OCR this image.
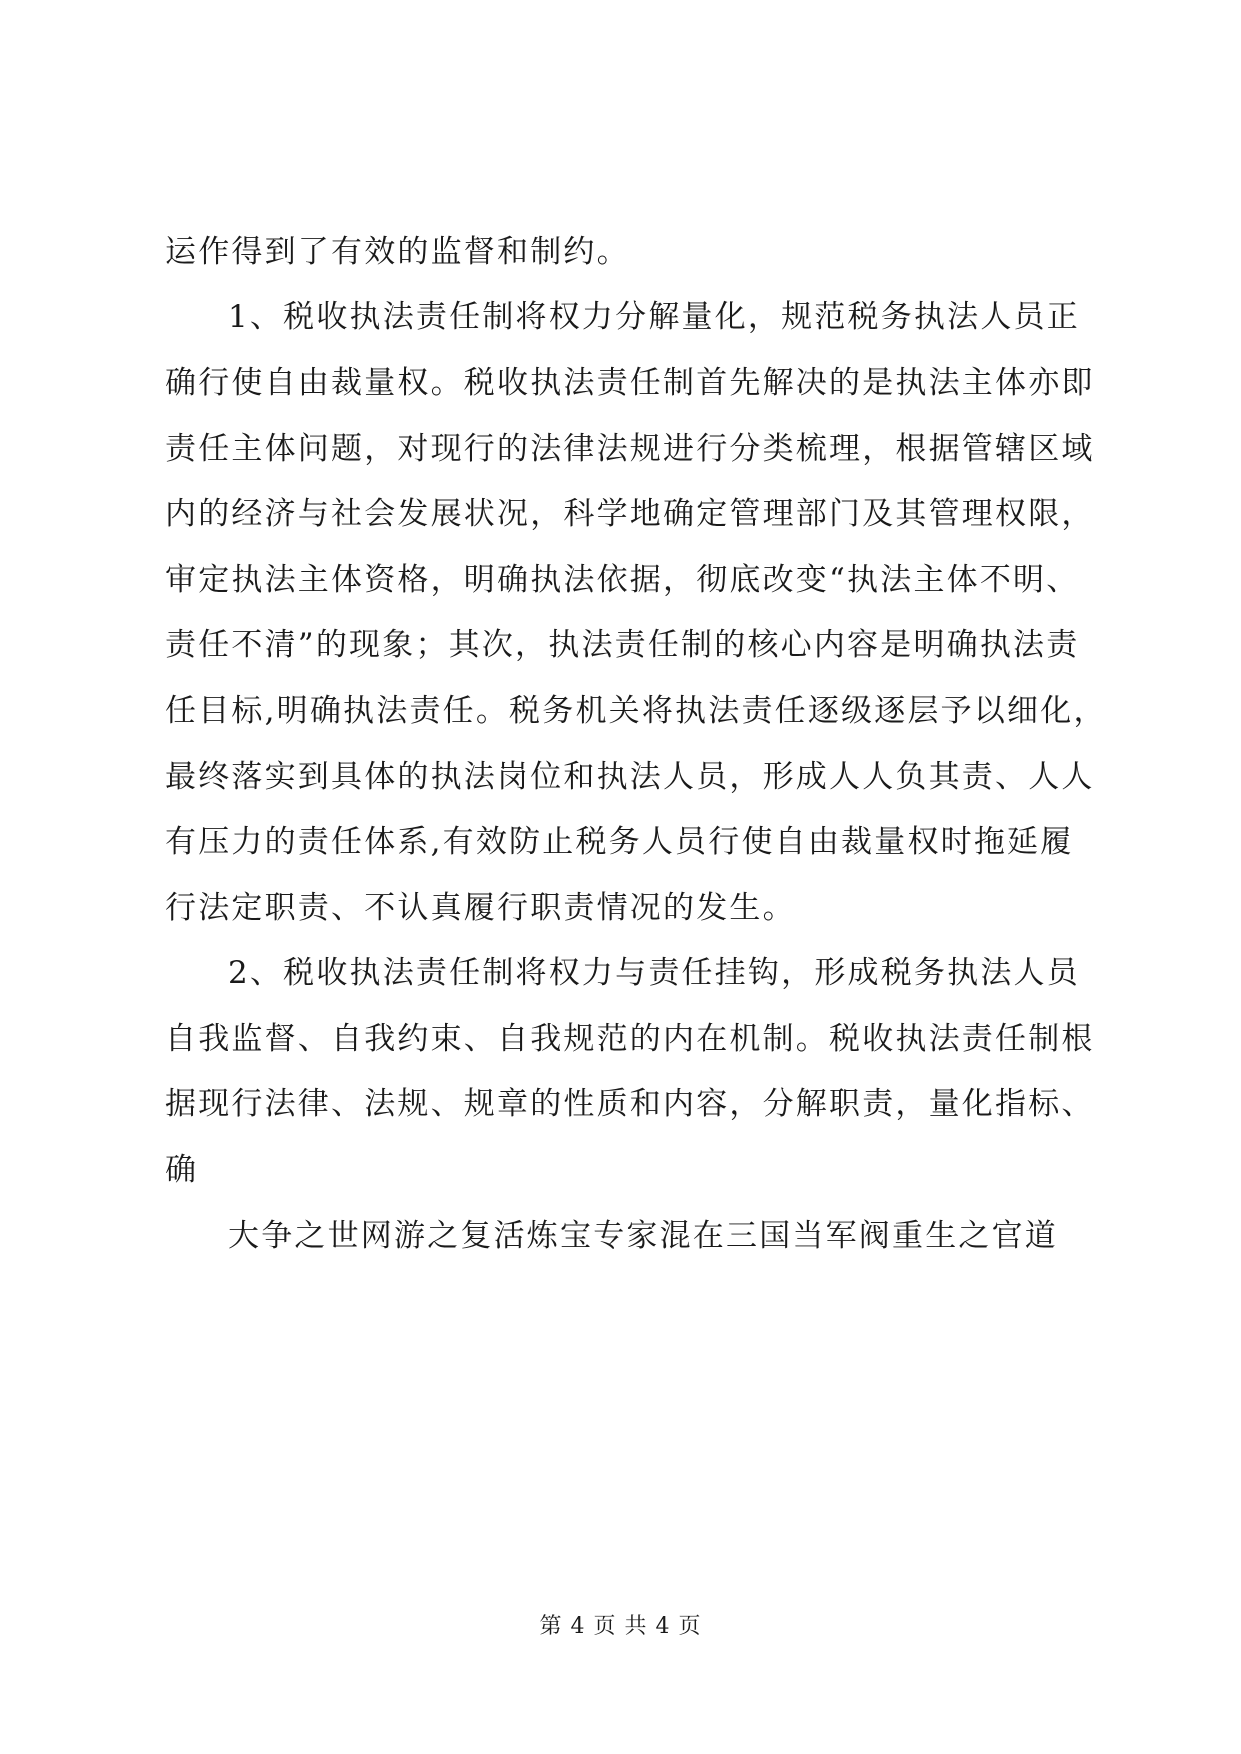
运作得到了有效的监督和制约。
1、税收执法责任制将权力分解量化，规范税务执法人员正
确行使自由裁量权。税收执法责任制首先解决的是执法主体亦即
责任主体问题，对现行的法律法规进行分类梳理，根据管辖区域
内的经济与社会发展状况，科学地确定管理部门及其管理权限，
审定执法主体资格，明确执法依据，彻底改变“执法主体不明、
责任不清”的现象；其次，执法责任制的核心内容是明确执法责
任目标,明确执法责任。税务机关将执法责任逐级逐层予以细化，
最终落实到具体的执法岗位和执法人员，形成人人负其责、人人
有压力的责任体系,有效防止税务人员行使自由裁量权时拖延履
行法定职责、不认真履行职责情况的发生。
2、税收执法责任制将权力与责任挂钩，形成税务执法人员
自我监督、自我约束、自我规范的内在机制。税收执法责任制根
据现行法律、法规、规章的性质和内容，分解职责，量化指标、
确
大争之世网游之复活炼宝专家混在三国当军阀重生之官道
第 4 页 共 4 页
